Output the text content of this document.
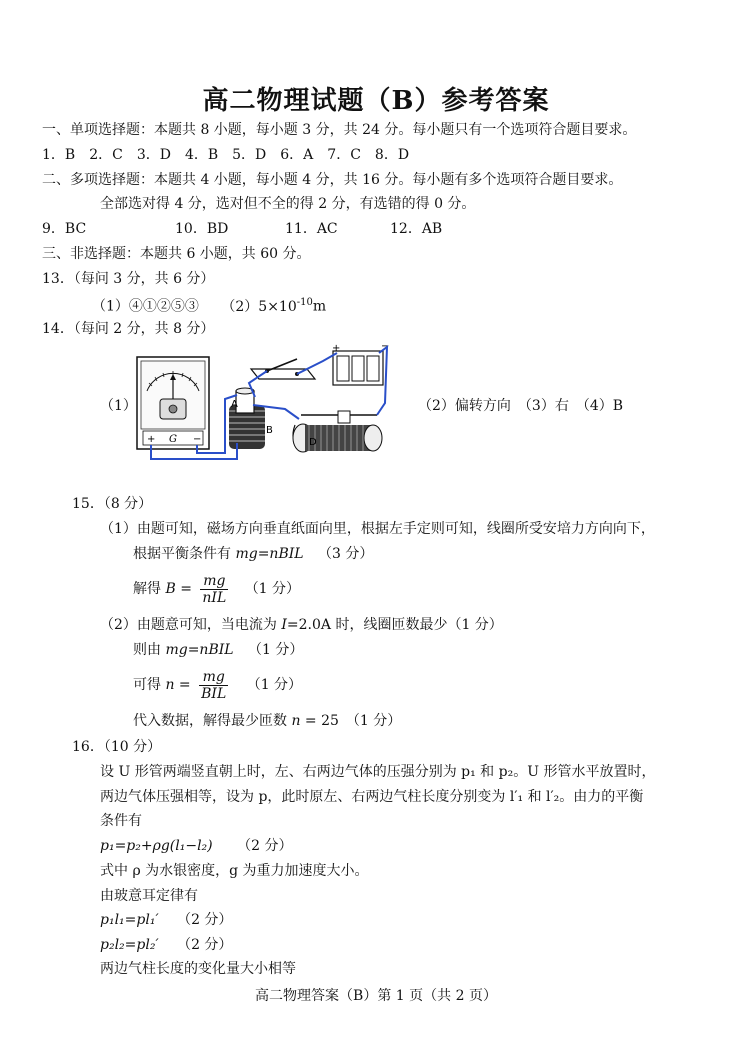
高二物理试题（B）参考答案
一、单项选择题：本题共 8 小题，每小题 3 分，共 24 分。每小题只有一个选项符合题目要求。
1．B　2．C　3．D　4．B　5．D　6．A　7．C　8．D
二、多项选择题：本题共 4 小题，每小题 4 分，共 16 分。每小题有多个选项符合题目要求。
全部选对得 4 分，选对但不全的得 2 分，有选错的得 0 分。
9．BC	10．BD	11．AC	12．AB
三、非选择题：本题共 6 小题，共 60 分。
13．（每问 3 分，共 6 分）
（1）④①②⑤③ $(2)5\times 10^{-10}m$
14．（每问 2 分，共 8 分）
（1）	（2）偏转方向　（3）右　（4）B
+ G −
A
B
+	−
D
15．（8 分）
（1）由题可知，磁场方向垂直纸面向里，根据左手定则可知，线圈所受安培力方向向下，
根据平衡条件有 mg=nBIL （3 分）
解得 $B = \frac{mg}{\text{nIL}} (1$ 分）
（2）由题意可知，当电流为 I=2.0A 时，线圈匝数最少（1 分）
则由 mg=nBIL （1 分）
可得 $n = \frac{mg}{\text{BIL}} (1$ 分）
代入数据，解得最少匝数 n = 25　（1 分）
16．（10 分）
设 U 形管两端竖直朝上时，左、右两边气体的压强分别为 p₁ 和 p₂。U 形管水平放置时，
两边气体压强相等，设为 p，此时原左、右两边气柱长度分别变为 l′₁ 和 l′₂。由力的平衡
条件有
p₁=p₂+ρg(l₁−l₂) （2 分）
式中 ρ 为水银密度，g 为重力加速度大小。
由玻意耳定律有
p₁l₁=pl₁′ （2 分）
p₂l₂=pl₂′ （2 分）
两边气柱长度的变化量大小相等
高二物理答案（B）第 1 页（共 2 页）
